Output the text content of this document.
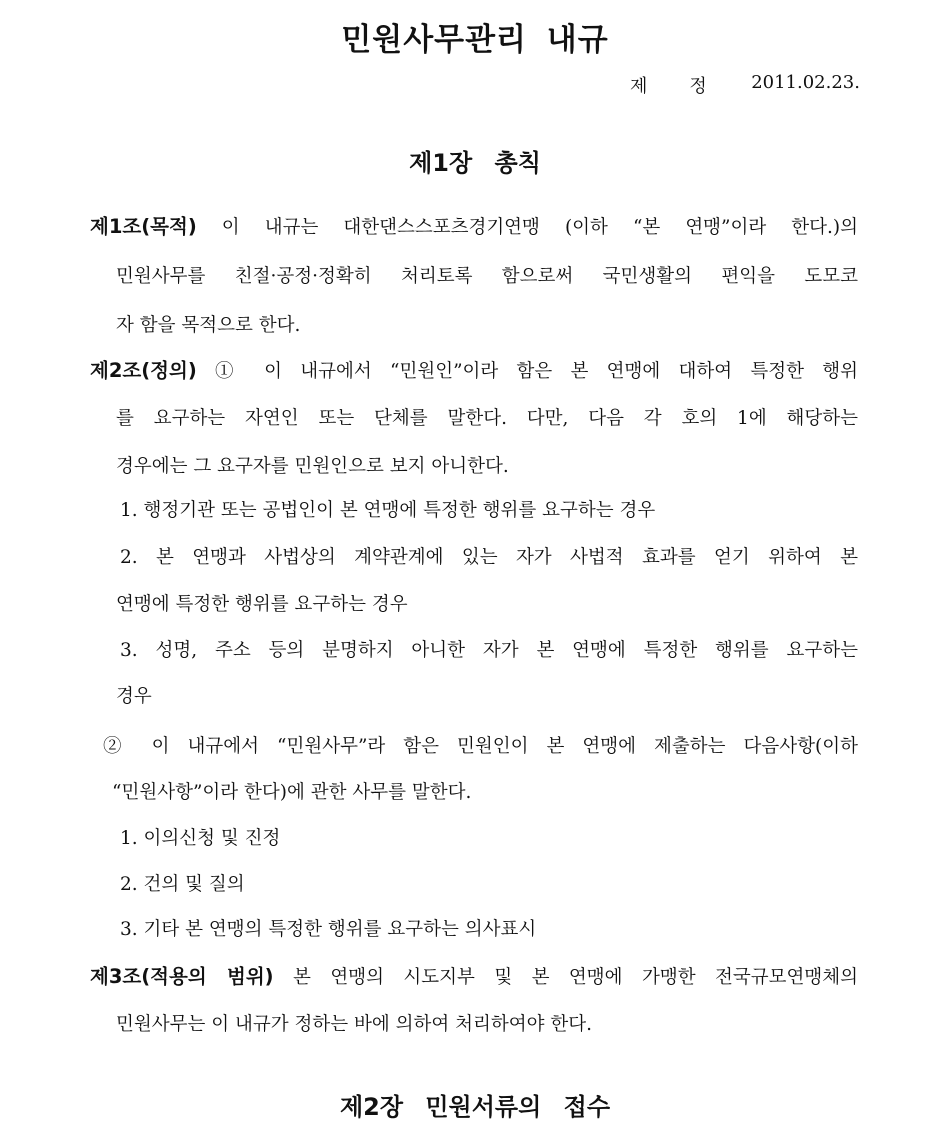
민원사무관리 내규
제정 2011.02.23.
제1장 총칙
제1조(목적) 이 내규는 대한댄스스포츠경기연맹 (이하 “본 연맹”이라 한다.)의
민원사무를 친절·공정·정확히 처리토록 함으로써 국민생활의 편익을 도모코
자 함을 목적으로 한다.
제2조(정의) ① 이 내규에서 “민원인”이라 함은 본 연맹에 대하여 특정한 행위
를 요구하는 자연인 또는 단체를 말한다. 다만, 다음 각 호의 1에 해당하는
경우에는 그 요구자를 민원인으로 보지 아니한다.
1. 행정기관 또는 공법인이 본 연맹에 특정한 행위를 요구하는 경우
2. 본 연맹과 사법상의 계약관계에 있는 자가 사법적 효과를 얻기 위하여 본
연맹에 특정한 행위를 요구하는 경우
3. 성명, 주소 등의 분명하지 아니한 자가 본 연맹에 특정한 행위를 요구하는
경우
② 이 내규에서 “민원사무”라 함은 민원인이 본 연맹에 제출하는 다음사항(이하
“민원사항”이라 한다)에 관한 사무를 말한다.
1. 이의신청 및 진정
2. 건의 및 질의
3. 기타 본 연맹의 특정한 행위를 요구하는 의사표시
제3조(적용의 범위) 본 연맹의 시도지부 및 본 연맹에 가맹한 전국규모연맹체의
민원사무는 이 내규가 정하는 바에 의하여 처리하여야 한다.
제2장 민원서류의 접수
